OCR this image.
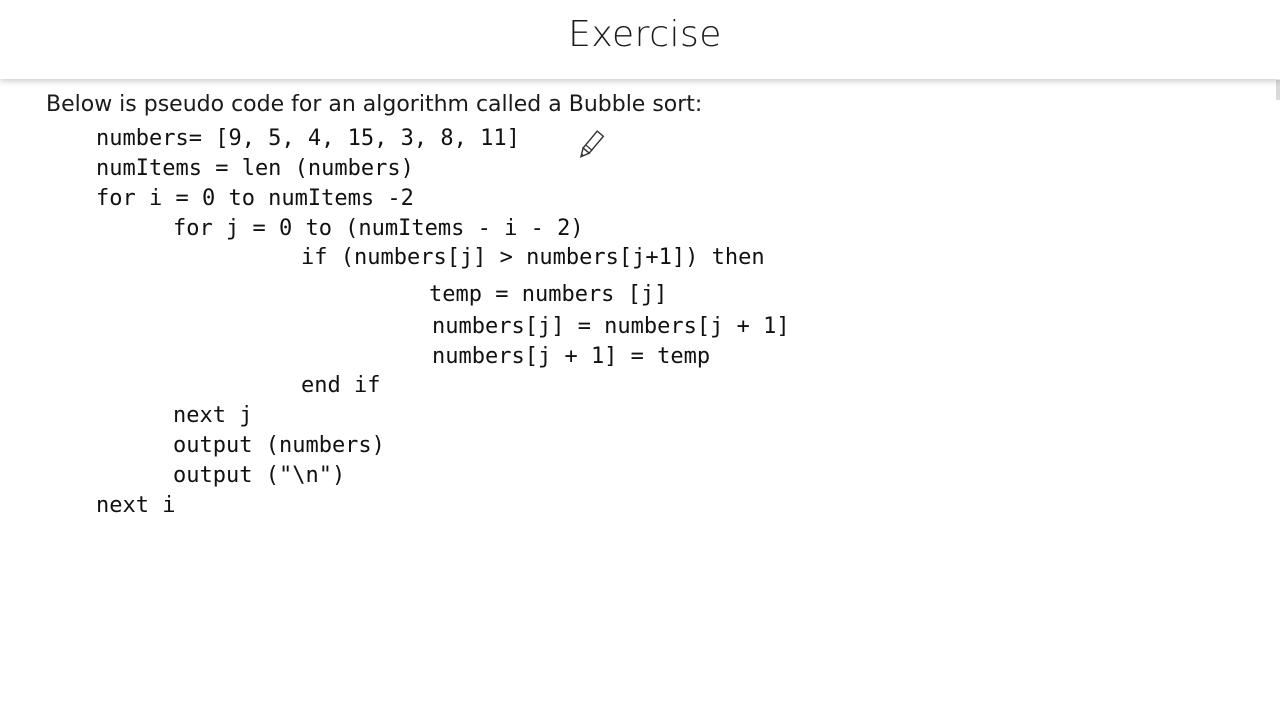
Exercise
Below is pseudo code for an algorithm called a Bubble sort:
numbers= [9, 5, 4, 15, 3, 8, 11]
numItems = len (numbers)
for i = 0 to numItems -2
for j = 0 to (numItems - i - 2)
if (numbers[j] > numbers[j+1]) then
temp = numbers [j]
numbers[j] = numbers[j + 1]
numbers[j + 1] = temp
end if
next j
output (numbers)
output ("\n")
next i
